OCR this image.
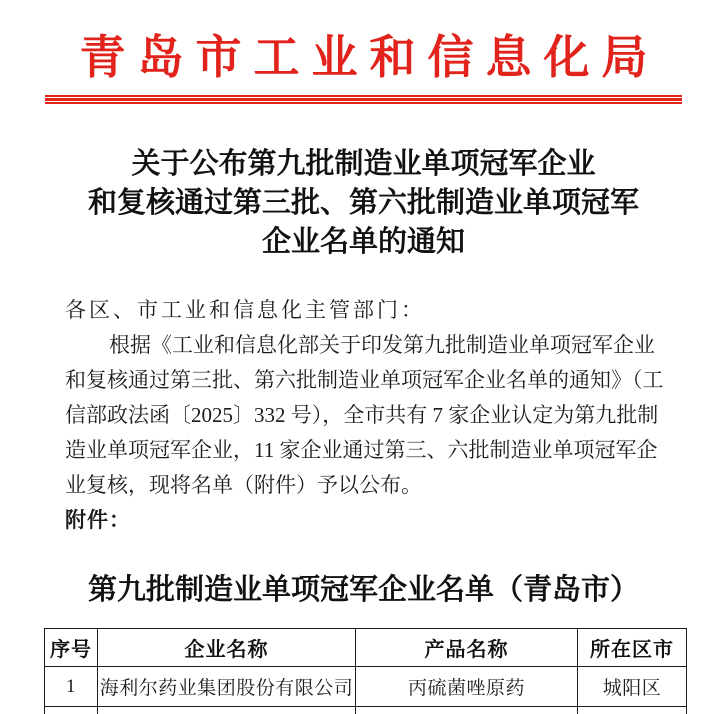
青岛市工业和信息化局
关于公布第九批制造业单项冠军企业
和复核通过第三批、第六批制造业单项冠军
企业名单的通知
各区、市工业和信息化主管部门：
根据《工业和信息化部关于印发第九批制造业单项冠军企业
和复核通过第三批、第六批制造业单项冠军企业名单的通知》（工
信部政法函〔2025〕332 号），全市共有 7 家企业认定为第九批制
造业单项冠军企业，11 家企业通过第三、六批制造业单项冠军企
业复核，现将名单（附件）予以公布。
附件：
第九批制造业单项冠军企业名单（青岛市）
序号	企业名称	产品名称	所在区市
1	海利尔药业集团股份有限公司	丙硫菌唑原药	城阳区
